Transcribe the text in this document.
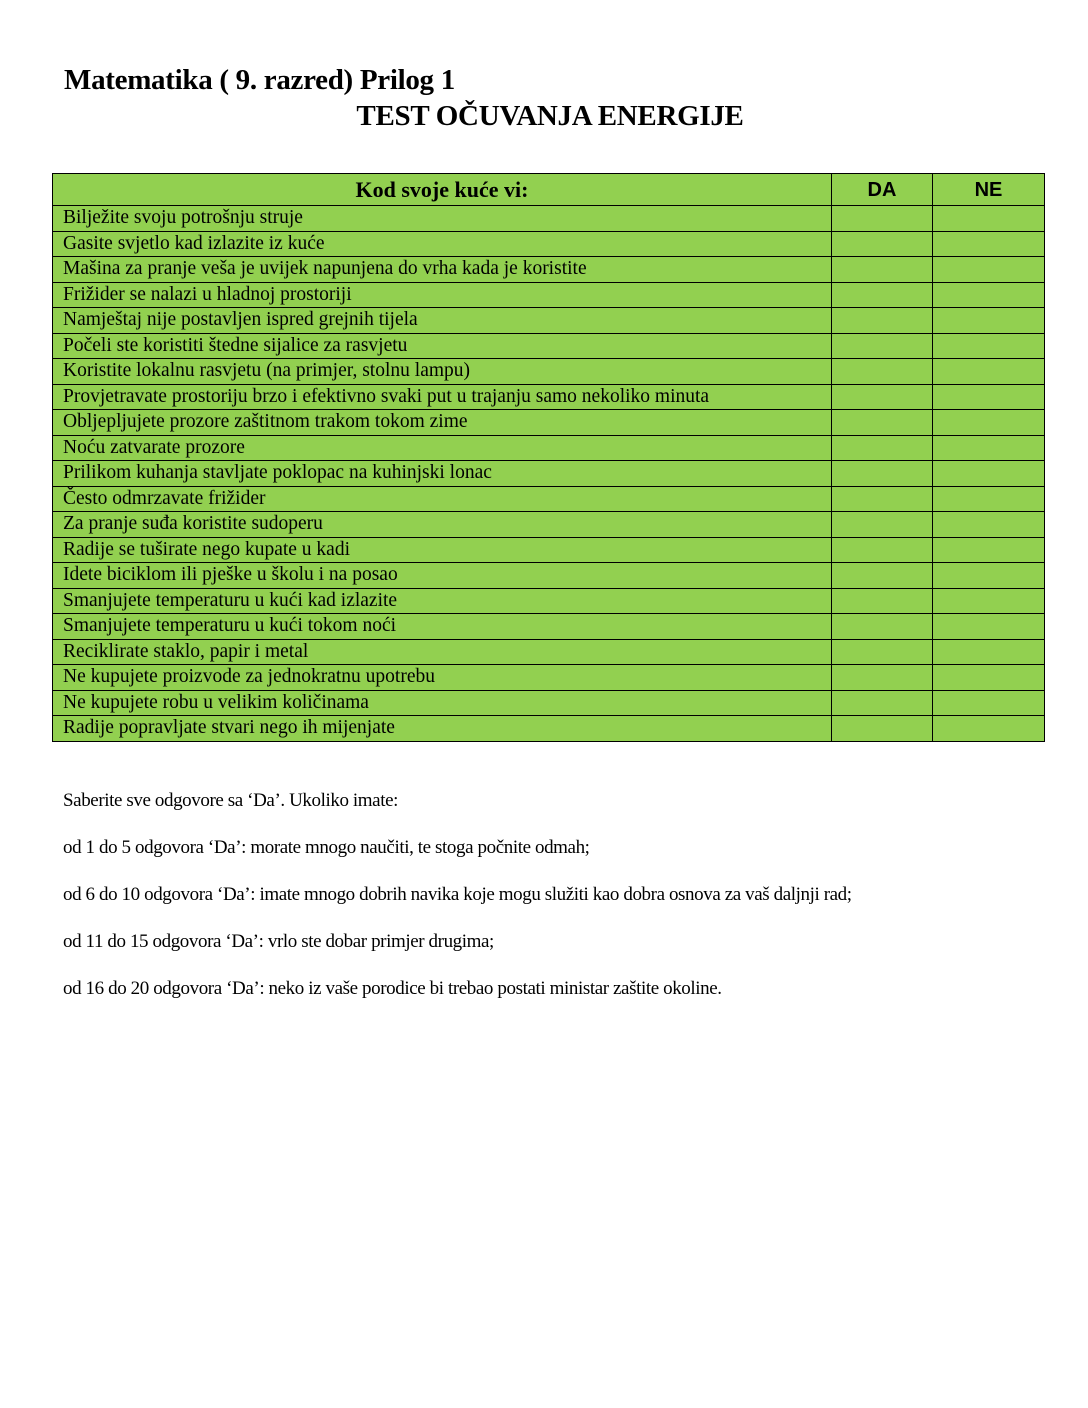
Matematika ( 9. razred) Prilog 1
TEST OČUVANJA ENERGIJE
Kod svoje kuće vi:	DA	NE
Bilježite svoju potrošnju struje		
Gasite svjetlo kad izlazite iz kuće		
Mašina za pranje veša je uvijek napunjena do vrha kada je koristite		
Frižider se nalazi u hladnoj prostoriji		
Namještaj nije postavljen ispred grejnih tijela		
Počeli ste koristiti štedne sijalice za rasvjetu		
Koristite lokalnu rasvjetu (na primjer, stolnu lampu)		
Provjetravate prostoriju brzo i efektivno svaki put u trajanju samo nekoliko minuta		
Oblјеplјujete prozore zaštitnom trakom tokom zime		
Noću zatvarate prozore		
Prilikom kuhanja stavljate poklopac na kuhinjski lonac		
Često odmrzavate frižider		
Za pranje suđa koristite sudoperu		
Radije se tuširate nego kupate u kadi		
Idete biciklom ili pješke u školu i na posao		
Smanjujete temperaturu u kući kad izlazite		
Smanjujete temperaturu u kući tokom noći		
Reciklirate staklo, papir i metal		
Ne kupujete proizvode za jednokratnu upotrebu		
Ne kupujete robu u velikim količinama		
Radije popravljate stvari nego ih mijenjate		

Saberite sve odgovore sa ‘Da’. Ukoliko imate:

od 1 do 5 odgovora ‘Da’: morate mnogo naučiti, te stoga počnite odmah;

od 6 do 10 odgovora ‘Da’: imate mnogo dobrih navika koje mogu služiti kao dobra osnova za vaš daljnji rad;

od 11 do 15 odgovora ‘Da’: vrlo ste dobar primjer drugima;

od 16 do 20 odgovora ‘Da’: neko iz vaše porodice bi trebao postati ministar zaštite okoline.
